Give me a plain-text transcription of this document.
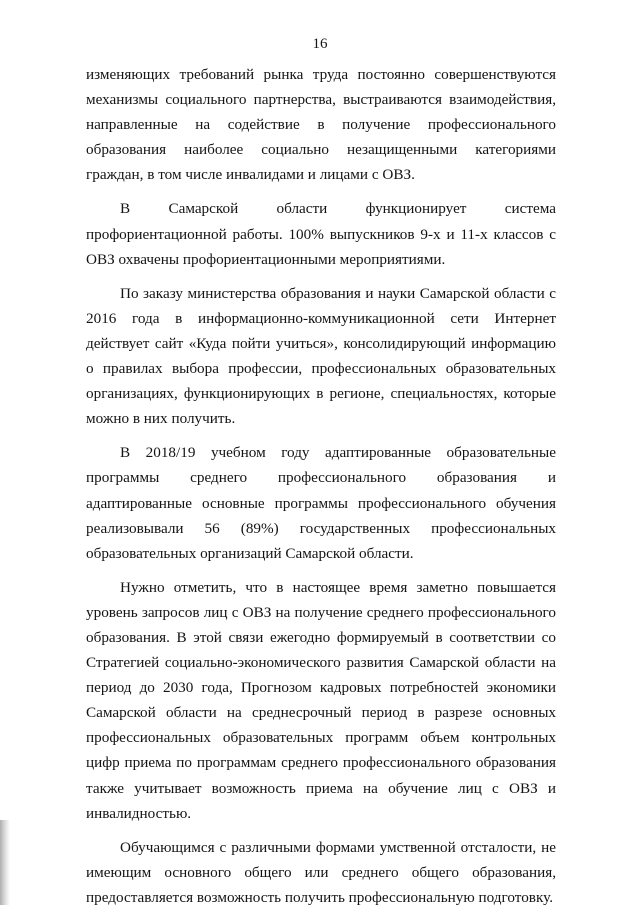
16

изменяющих требований рынка труда постоянно совершенствуются механизмы социального партнерства, выстраиваются взаимодействия, направленные на содействие в получение профессионального образования наиболее социально незащищенными категориями граждан, в том числе инвалидами и лицами с ОВЗ.

В Самарской области функционирует система профориентационной работы. 100% выпускников 9-х и 11-х классов с ОВЗ охвачены профориентационными мероприятиями.

По заказу министерства образования и науки Самарской области с 2016 года в информационно-коммуникационной сети Интернет действует сайт «Куда пойти учиться», консолидирующий информацию о правилах выбора профессии, профессиональных образовательных организациях, функционирующих в регионе, специальностях, которые можно в них получить.

В 2018/19 учебном году адаптированные образовательные программы среднего профессионального образования и адаптированные основные программы профессионального обучения реализовывали 56 (89%) государственных профессиональных образовательных организаций Самарской области.

Нужно отметить, что в настоящее время заметно повышается уровень запросов лиц с ОВЗ на получение среднего профессионального образования. В этой связи ежегодно формируемый в соответствии со Стратегией социально-экономического развития Самарской области на период до 2030 года, Прогнозом кадровых потребностей экономики Самарской области на среднесрочный период в разрезе основных профессиональных образовательных программ объем контрольных цифр приема по программам среднего профессионального образования также учитывает возможность приема на обучение лиц с ОВЗ и инвалидностью.

Обучающимся с различными формами умственной отсталости, не имеющим основного общего или среднего общего образования, предоставляется возможность получить профессиональную подготовку.
